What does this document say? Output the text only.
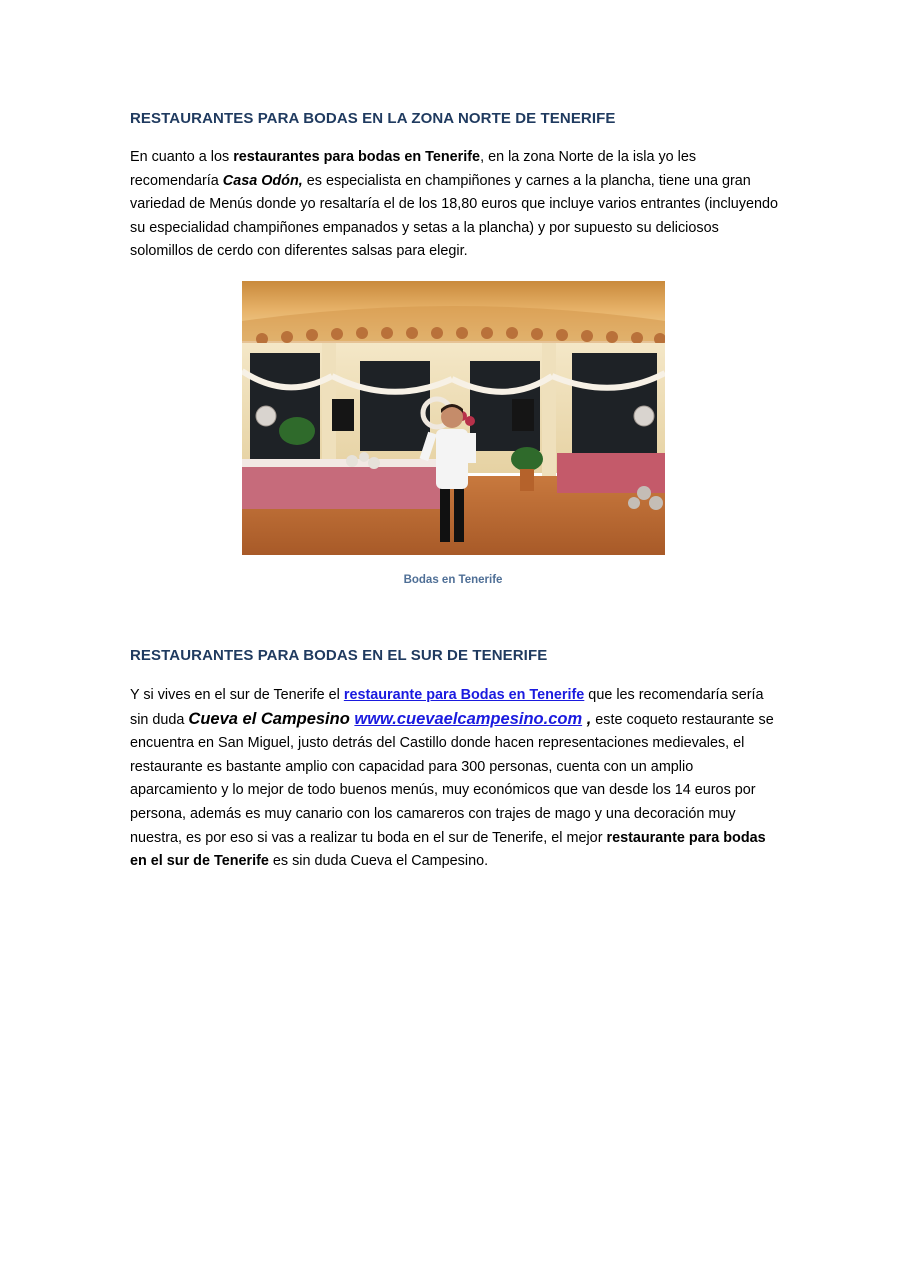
RESTAURANTES PARA BODAS EN LA ZONA NORTE DE TENERIFE

En cuanto a los restaurantes para bodas en Tenerife, en la zona Norte de la isla yo les recomendaría Casa Odón, es especialista en champiñones y carnes a la plancha, tiene una gran variedad de Menús donde yo resaltaría el de los 18,80 euros que incluye varios entrantes (incluyendo su especialidad champiñones empanados y setas a la plancha) y por supuesto su deliciosos solomillos de cerdo con diferentes salsas para elegir.

Bodas en Tenerife
RESTAURANTES PARA BODAS EN EL SUR DE TENERIFE

Y si vives en el sur de Tenerife el restaurante para Bodas en Tenerife que les recomendaría sería sin duda Cueva el Campesino www.cuevaelcampesino.com , este coqueto restaurante se encuentra en San Miguel, justo detrás del Castillo donde hacen representaciones medievales, el restaurante es bastante amplio con capacidad para 300 personas, cuenta con un amplio aparcamiento y lo mejor de todo buenos menús, muy económicos que van desde los 14 euros por persona, además es muy canario con los camareros con trajes de mago y una decoración muy nuestra, es por eso si vas a realizar tu boda en el sur de Tenerife, el mejor restaurante para bodas en el sur de Tenerife es sin duda Cueva el Campesino.
